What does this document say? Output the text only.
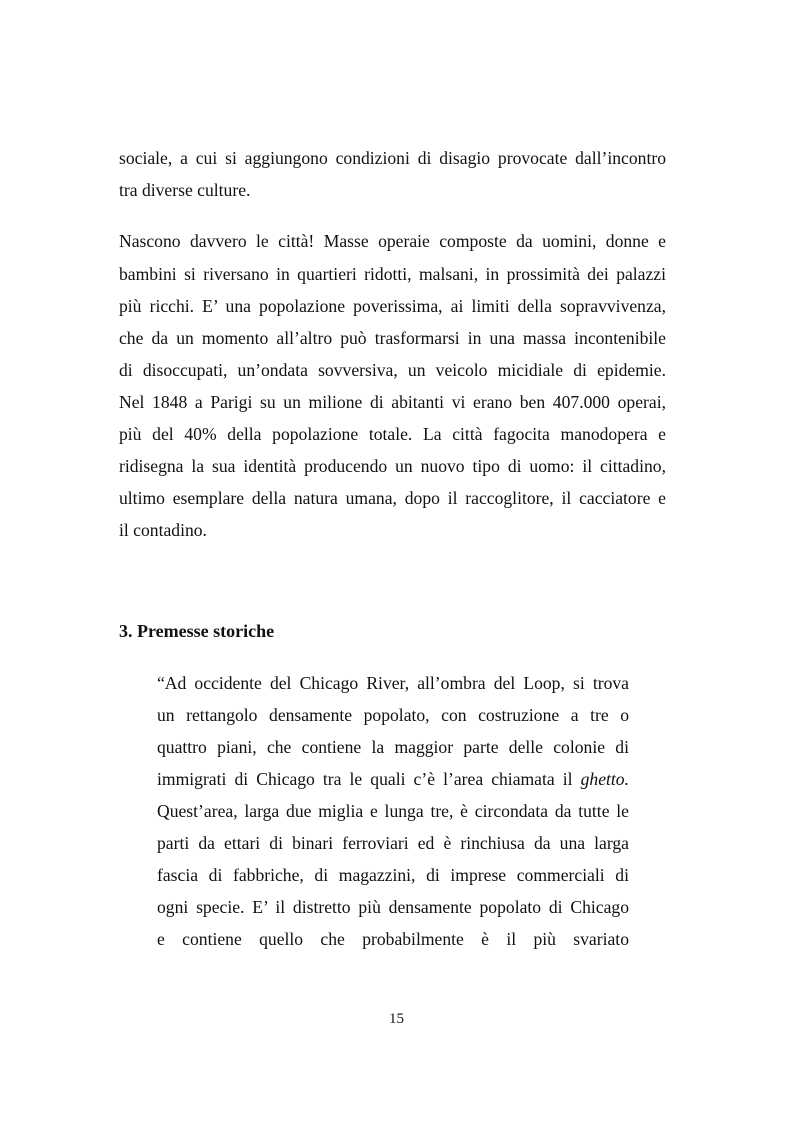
sociale, a cui si aggiungono condizioni di disagio provocate dall’incontro
tra diverse culture.
Nascono davvero le città! Masse operaie composte da uomini, donne e
bambini si riversano in quartieri ridotti, malsani, in prossimità dei palazzi
più ricchi. E’ una popolazione poverissima, ai limiti della sopravvivenza,
che da un momento all’altro può trasformarsi in una massa incontenibile
di disoccupati, un’ondata sovversiva, un veicolo micidiale di epidemie.
Nel 1848 a Parigi su un milione di abitanti vi erano ben 407.000 operai,
più del 40% della popolazione totale. La città fagocita manodopera e
ridisegna la sua identità producendo un nuovo tipo di uomo: il cittadino,
ultimo esemplare della natura umana, dopo il raccoglitore, il cacciatore e
il contadino.
3. Premesse storiche
“Ad occidente del Chicago River, all’ombra del Loop, si trova
un rettangolo densamente popolato, con costruzione a tre o
quattro piani, che contiene la maggior parte delle colonie di
immigrati di Chicago tra le quali c’è l’area chiamata il ghetto.
Quest’area, larga due miglia e lunga tre, è circondata da tutte le
parti da ettari di binari ferroviari ed è rinchiusa da una larga
fascia di fabbriche, di magazzini, di imprese commerciali di
ogni specie. E’ il distretto più densamente popolato di Chicago
e contiene quello che probabilmente è il più svariato
15
